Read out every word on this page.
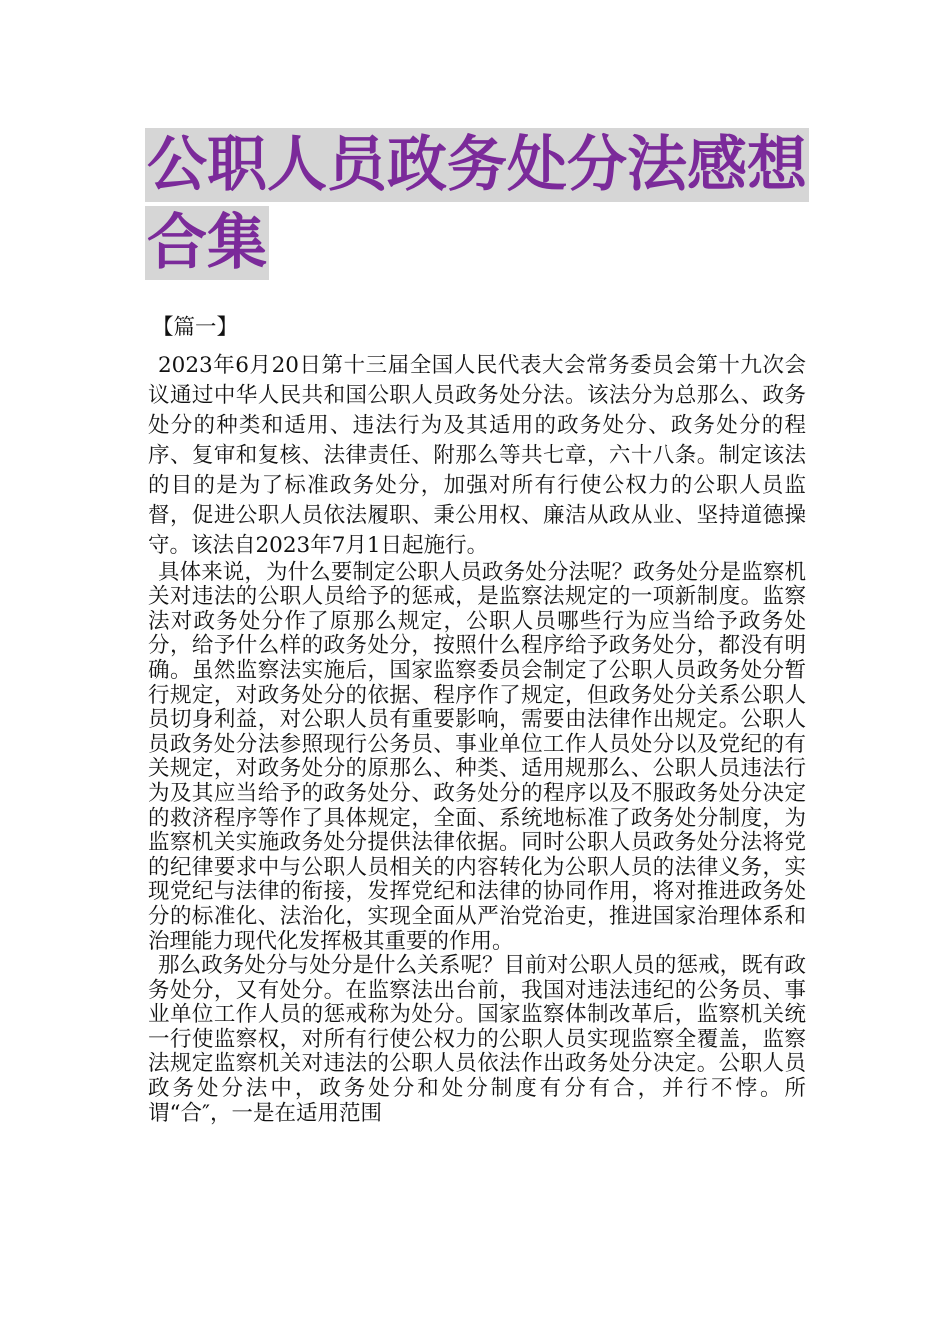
公职人员政务处分法感想
合集
【篇一】

2023年6月20日第十三届全国人民代表大会常务委员会第十九次会议通过中华人民共和国公职人员政务处分法。该法分为总那么、政务处分的种类和适用、违法行为及其适用的政务处分、政务处分的程序、复审和复核、法律责任、附那么等共七章，六十八条。制定该法的目的是为了标准政务处分，加强对所有行使公权力的公职人员监督，促进公职人员依法履职、秉公用权、廉洁从政从业、坚持道德操守。该法自2023年7月1日起施行。

具体来说，为什么要制定公职人员政务处分法呢？政务处分是监察机关对违法的公职人员给予的惩戒，是监察法规定的一项新制度。监察法对政务处分作了原那么规定，公职人员哪些行为应当给予政务处分，给予什么样的政务处分，按照什么程序给予政务处分，都没有明确。虽然监察法实施后，国家监察委员会制定了公职人员政务处分暂行规定，对政务处分的依据、程序作了规定，但政务处分关系公职人员切身利益，对公职人员有重要影响，需要由法律作出规定。公职人员政务处分法参照现行公务员、事业单位工作人员处分以及党纪的有关规定，对政务处分的原那么、种类、适用规那么、公职人员违法行为及其应当给予的政务处分、政务处分的程序以及不服政务处分决定的救济程序等作了具体规定，全面、系统地标准了政务处分制度，为监察机关实施政务处分提供法律依据。同时公职人员政务处分法将党的纪律要求中与公职人员相关的内容转化为公职人员的法律义务，实现党纪与法律的衔接，发挥党纪和法律的协同作用，将对推进政务处分的标准化、法治化，实现全面从严治党治吏，推进国家治理体系和治理能力现代化发挥极其重要的作用。

那么政务处分与处分是什么关系呢？目前对公职人员的惩戒，既有政务处分，又有处分。在监察法出台前，我国对违法违纪的公务员、事业单位工作人员的惩戒称为处分。国家监察体制改革后，监察机关统一行使监察权，对所有行使公权力的公职人员实现监察全覆盖，监察法规定监察机关对违法的公职人员依法作出政务处分决定。公职人员政务处分法中，政务处分和处分制度有分有合，并行不悖。所谓“合″，一是在适用范围
